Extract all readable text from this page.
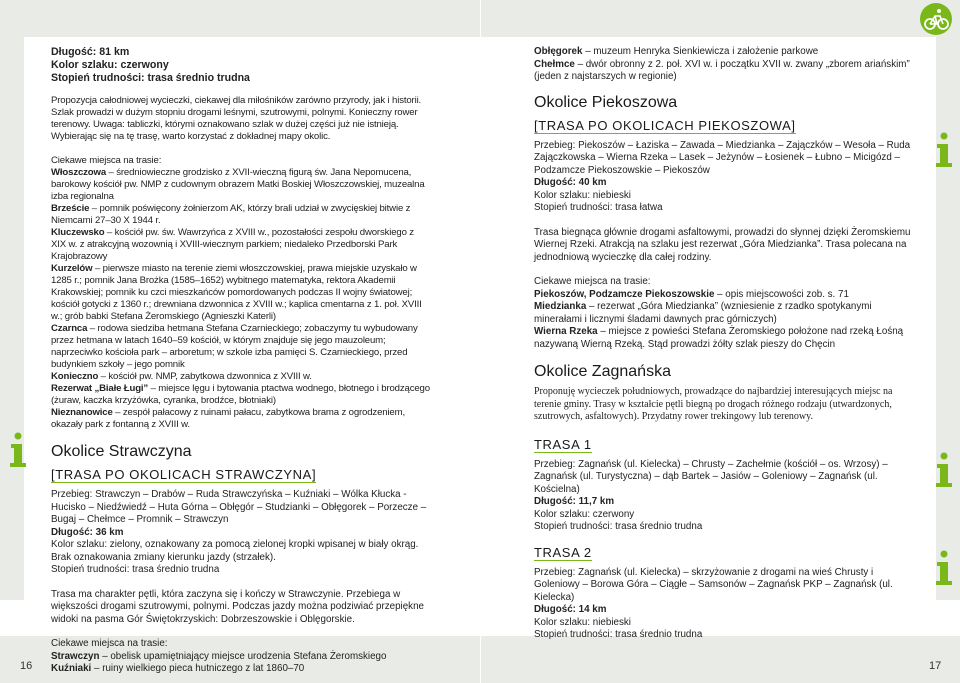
Długość: 81 km

Kolor szlaku: czerwony

Stopień trudności: trasa średnio trudna

Propozycja całodniowej wycieczki, ciekawej dla miłośników zarówno przyrody, jak i historii. Szlak prowadzi w dużym stopniu drogami leśnymi, szutrowymi, polnymi. Konieczny rower terenowy. Uwaga: tabliczki, którymi oznakowano szlak w dużej części już nie istnieją. Wybierając się na tę trasę, warto korzystać z dokładnej mapy okolic.

Ciekawe miejsca na trasie:

Włoszczowa – średniowieczne grodzisko z XVII-wieczną figurą św. Jana Nepomucena, barokowy kościół pw. NMP z cudownym obrazem Matki Boskiej Włoszczowskiej, muzealna izba regionalna

Brzeście – pomnik poświęcony żołnierzom AK, którzy brali udział w zwycięskiej bitwie z Niemcami 27–30 X 1944 r.

Kluczewsko – kościół pw. św. Wawrzyńca z XVIII w., pozostałości zespołu dworskiego z XIX w. z atrakcyjną wozownią i XVIII-wiecznym parkiem; niedaleko Przedborski Park Krajobrazowy

Kurzelów – pierwsze miasto na terenie ziemi włoszczowskiej, prawa miejskie uzyskało w 1285 r.; pomnik Jana Brożka (1585–1652) wybitnego matematyka, rektora Akademii Krakowskiej; pomnik ku czci mieszkańców pomordowanych podczas II wojny światowej; kościół gotycki z 1360 r.; drewniana dzwonnica z XVIII w.; kaplica cmentarna z 1. poł. XVIII w.; grób babki Stefana Żeromskiego (Agnieszki Katerli)

Czarnca – rodowa siedziba hetmana Stefana Czarnieckiego; zobaczymy tu wybudowany przez hetmana w latach 1640–59 kościół, w którym znajduje się jego mauzoleum; naprzeciwko kościoła park – arboretum; w szkole izba pamięci S. Czarnieckiego, przed budynkiem szkoły – jego pomnik

Konieczno – kościół pw. NMP, zabytkowa dzwonnica z XVIII w.

Rezerwat „Białe Ługi” – miejsce lęgu i bytowania ptactwa wodnego, błotnego i brodzącego (żuraw, kaczka krzyżówka, cyranka, brodźce, błotniaki)

Nieznanowice – zespół pałacowy z ruinami pałacu, zabytkowa brama z ogrodzeniem, okazały park z fontanną z XVIII w.

Okolice Strawczyna
[TRASA PO OKOLICACH STRAWCZYNA]

Przebieg: Strawczyn – Drabów – Ruda Strawczyńska – Kuźniaki – Wólka Kłucka - Hucisko – Niedźwiedź – Huta Górna – Obłęgór – Studzianki – Obłęgorek – Porzecze – Bugaj – Chełmce – Promnik – Strawczyn

Długość: 36 km

Kolor szlaku: zielony, oznakowany za pomocą zielonej kropki wpisanej w biały okrąg. Brak oznakowania zmiany kierunku jazdy (strzałek).

Stopień trudności: trasa średnio trudna

Trasa ma charakter pętli, która zaczyna się i kończy w Strawczynie. Przebiega w większości drogami szutrowymi, polnymi. Podczas jazdy można podziwiać przepiękne widoki na pasma Gór Świętokrzyskich: Dobrzeszowskie i Oblęgorskie.

Ciekawe miejsca na trasie:

Strawczyn – obelisk upamiętniający miejsce urodzenia Stefana Żeromskiego

Kuźniaki – ruiny wielkiego pieca hutniczego z lat 1860–70

Obłęgorek – muzeum Henryka Sienkiewicza i założenie parkowe

Chełmce – dwór obronny z 2. poł. XVI w. i początku XVII w. zwany „zborem ariańskim” (jeden z najstarszych w regionie)

Okolice Piekoszowa
[TRASA PO OKOLICACH PIEKOSZOWA]

Przebieg: Piekoszów – Łaziska – Zawada – Miedzianka – Zajączków – Wesoła – Ruda Zajączkowska – Wierna Rzeka – Lasek – Jeżynów – Łosienek – Łubno – Micigózd – Podzamcze Piekoszowskie – Piekoszów

Długość: 40 km

Kolor szlaku: niebieski

Stopień trudności: trasa łatwa

Trasa biegnąca głównie drogami asfaltowymi, prowadzi do słynnej dzięki Żeromskiemu Wiernej Rzeki. Atrakcją na szlaku jest rezerwat „Góra Miedzianka”. Trasa polecana na jednodniową wycieczkę dla całej rodziny.

Ciekawe miejsca na trasie:

Piekoszów, Podzamcze Piekoszowskie – opis miejscowości zob. s. 71

Miedzianka – rezerwat „Góra Miedzianka” (wzniesienie z rzadko spotykanymi minerałami i licznymi śladami dawnych prac górniczych)

Wierna Rzeka – miejsce z powieści Stefana Żeromskiego położone nad rzeką Łośną nazywaną Wierną Rzeką. Stąd prowadzi żółty szlak pieszy do Chęcin

Okolice Zagnańska

Proponuję wycieczek południowych, prowadzące do najbardziej interesujących miejsc na terenie gminy. Trasy w kształcie pętli biegną po drogach różnego rodzaju (utwardzonych, szutrowych, asfaltowych). Przydatny rower trekingowy lub terenowy.

TRASA 1

Przebieg: Zagnańsk (ul. Kielecka) – Chrusty – Zachełmie (kościół – os. Wrzosy) – Zagnańsk (ul. Turystyczna) – dąb Bartek – Jasiów – Goleniowy – Zagnańsk (ul. Kościelna)

Długość: 11,7 km

Kolor szlaku: czerwony

Stopień trudności: trasa średnio trudna

TRASA 2

Przebieg: Zagnańsk (ul. Kielecka) – skrzyżowanie z drogami na wieś Chrusty i Goleniowy – Borowa Góra – Ciągłe – Samsonów – Zagnańsk PKP – Zagnańsk (ul. Kielecka)

Długość: 14 km

Kolor szlaku: niebieski

Stopień trudności: trasa średnio trudna

16	17
